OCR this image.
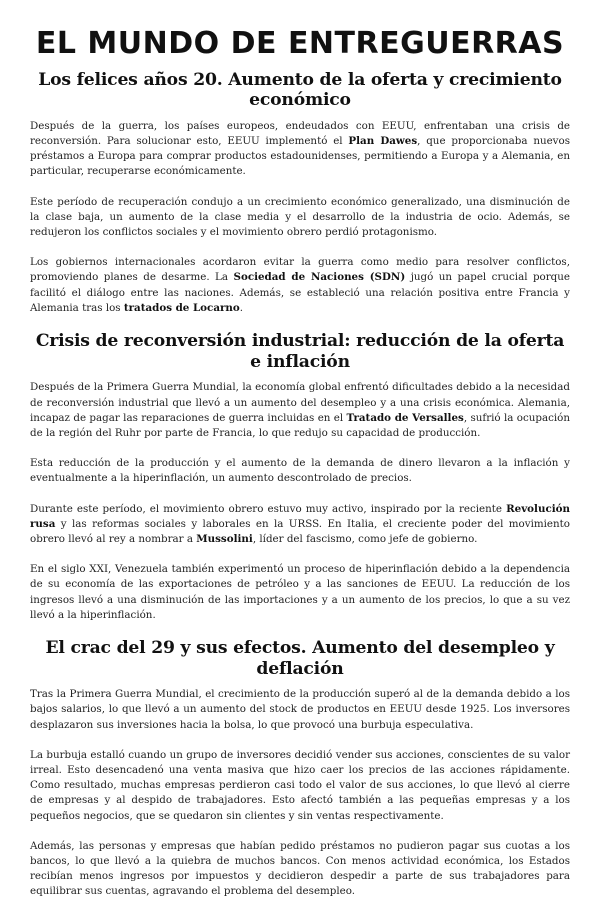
EL MUNDO DE ENTREGUERRAS
Los felices años 20. Aumento de la oferta y crecimiento económico

Después de la guerra, los países europeos, endeudados con EEUU, enfrentaban una crisis de reconversión. Para solucionar esto, EEUU implementó el Plan Dawes, que proporcionaba nuevos préstamos a Europa para comprar productos estadounidenses, permitiendo a Europa y a Alemania, en particular, recuperarse económicamente.

Este período de recuperación condujo a un crecimiento económico generalizado, una disminución de la clase baja, un aumento de la clase media y el desarrollo de la industria de ocio. Además, se redujeron los conflictos sociales y el movimiento obrero perdió protagonismo.

Los gobiernos internacionales acordaron evitar la guerra como medio para resolver conflictos, promoviendo planes de desarme. La Sociedad de Naciones (SDN) jugó un papel crucial porque facilitó el diálogo entre las naciones. Además, se estableció una relación positiva entre Francia y Alemania tras los tratados de Locarno.

Crisis de reconversión industrial: reducción de la oferta e inflación

Después de la Primera Guerra Mundial, la economía global enfrentó dificultades debido a la necesidad de reconversión industrial que llevó a un aumento del desempleo y a una crisis económica. Alemania, incapaz de pagar las reparaciones de guerra incluidas en el Tratado de Versalles, sufrió la ocupación de la región del Ruhr por parte de Francia, lo que redujo su capacidad de producción.

Esta reducción de la producción y el aumento de la demanda de dinero llevaron a la inflación y eventualmente a la hiperinflación, un aumento descontrolado de precios.

Durante este período, el movimiento obrero estuvo muy activo, inspirado por la reciente Revolución rusa y las reformas sociales y laborales en la URSS. En Italia, el creciente poder del movimiento obrero llevó al rey a nombrar a Mussolini, líder del fascismo, como jefe de gobierno.

En el siglo XXI, Venezuela también experimentó un proceso de hiperinflación debido a la dependencia de su economía de las exportaciones de petróleo y a las sanciones de EEUU. La reducción de los ingresos llevó a una disminución de las importaciones y a un aumento de los precios, lo que a su vez llevó a la hiperinflación.

El crac del 29 y sus efectos. Aumento del desempleo y deflación

Tras la Primera Guerra Mundial, el crecimiento de la producción superó al de la demanda debido a los bajos salarios, lo que llevó a un aumento del stock de productos en EEUU desde 1925. Los inversores desplazaron sus inversiones hacia la bolsa, lo que provocó una burbuja especulativa.

La burbuja estalló cuando un grupo de inversores decidió vender sus acciones, conscientes de su valor irreal. Esto desencadenó una venta masiva que hizo caer los precios de las acciones rápidamente. Como resultado, muchas empresas perdieron casi todo el valor de sus acciones, lo que llevó al cierre de empresas y al despido de trabajadores. Esto afectó también a las pequeñas empresas y a los pequeños negocios, que se quedaron sin clientes y sin ventas respectivamente.

Además, las personas y empresas que habían pedido préstamos no pudieron pagar sus cuotas a los bancos, lo que llevó a la quiebra de muchos bancos. Con menos actividad económica, los Estados recibían menos ingresos por impuestos y decidieron despedir a parte de sus trabajadores para equilibrar sus cuentas, agravando el problema del desempleo.
